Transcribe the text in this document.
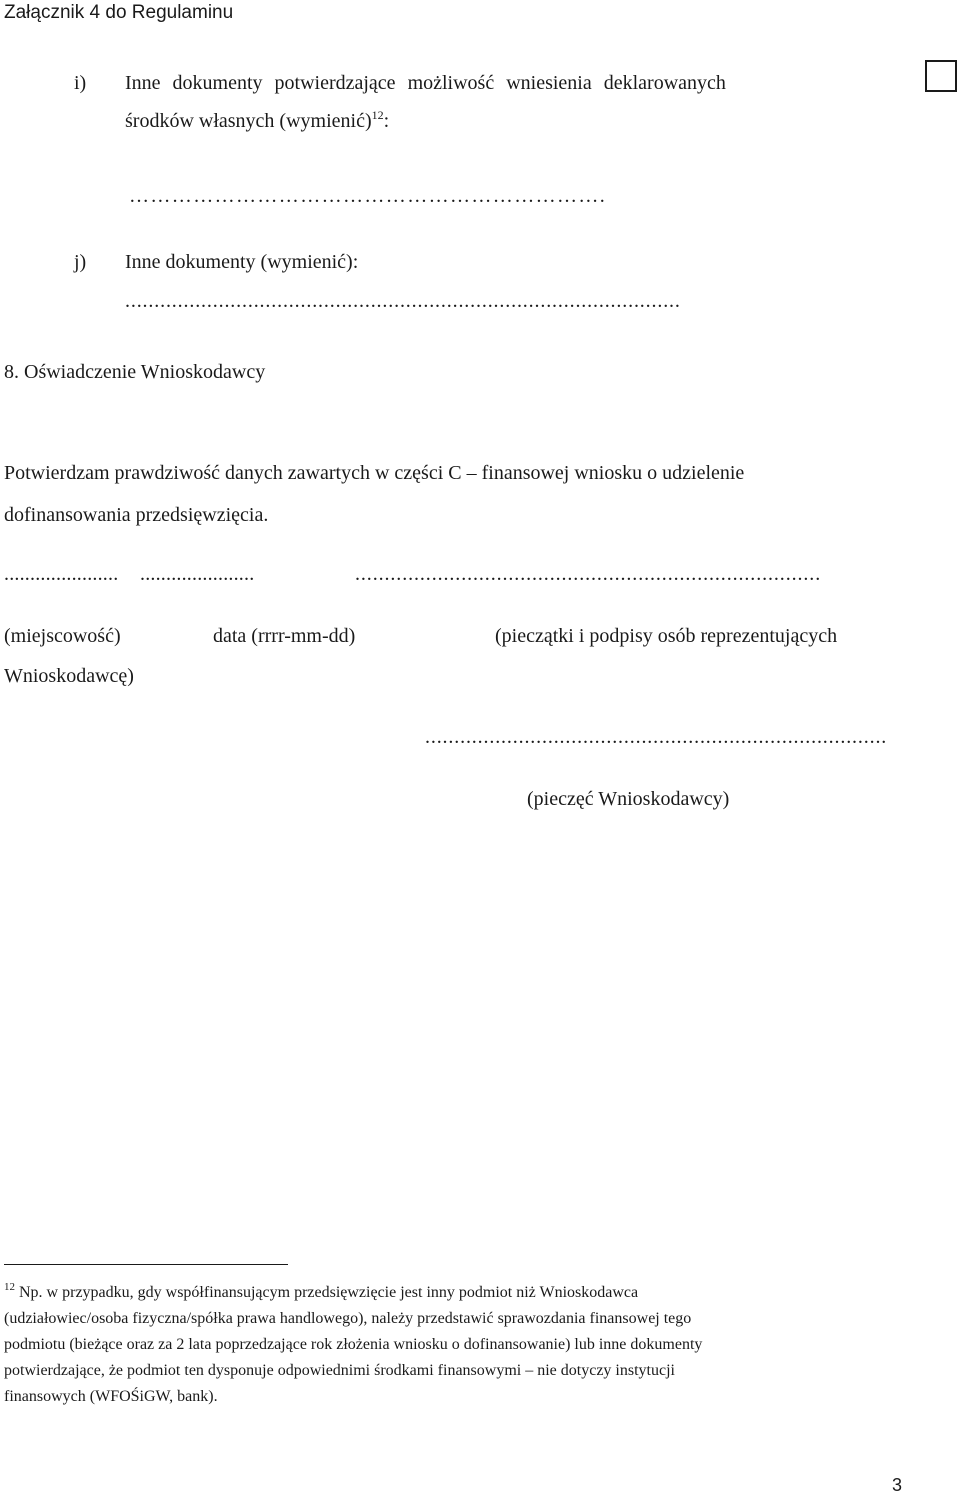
Załącznik 4 do Regulaminu
i) Inne dokumenty potwierdzające możliwość wniesienia deklarowanych
środków własnych (wymienić)$^{12}$:
………………………………………………………….
j) Inne dokumenty (wymienić):
...............................................................................................
8. Oświadczenie Wnioskodawcy
Potwierdzam prawdziwość danych zawartych w części C – finansowej wniosku o udzielenie
dofinansowania przedsięwzięcia.
...................... ......................	...............................................................................
(miejscowość)	data (rrrr-mm-dd)	(pieczątki i podpisy osób reprezentujących
Wnioskodawcę)
...............................................................................
(pieczęć Wnioskodawcy)
$^{12}$ Np. w przypadku, gdy współfinansującym przedsięwzięcie jest inny podmiot niż Wnioskodawca
(udziałowiec/osoba fizyczna/spółka prawa handlowego), należy przedstawić sprawozdania finansowej tego
podmiotu (bieżące oraz za 2 lata poprzedzające rok złożenia wniosku o dofinansowanie) lub inne dokumenty
potwierdzające, że podmiot ten dysponuje odpowiednimi środkami finansowymi – nie dotyczy instytucji
finansowych (WFOŚiGW, bank).
3
